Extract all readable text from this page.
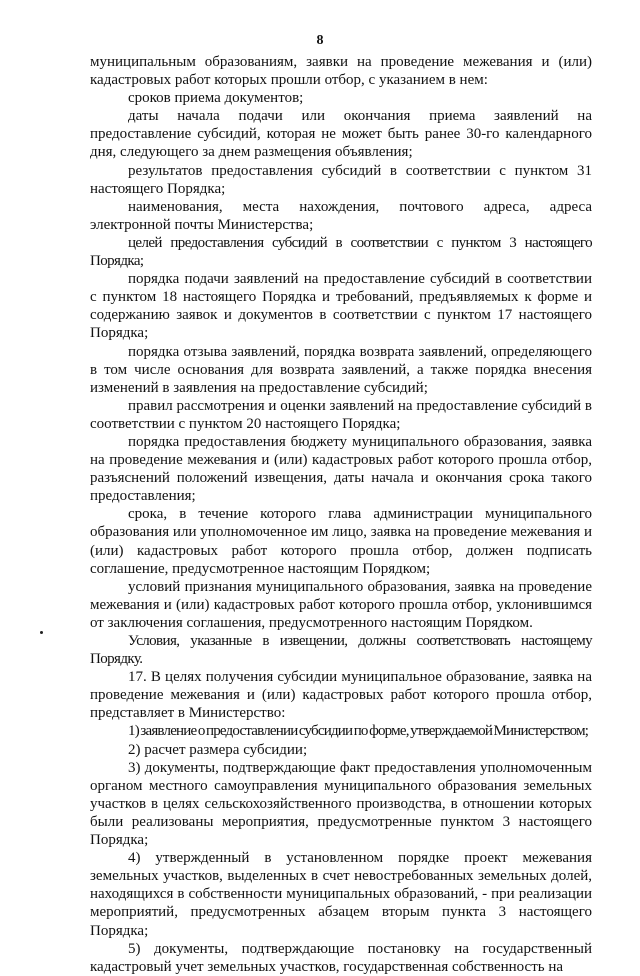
8

муниципальным образованиям, заявки на проведение межевания и (или) кадастровых работ которых прошли отбор, с указанием в нем:

сроков приема документов;

даты начала подачи или окончания приема заявлений на предоставление субсидий, которая не может быть ранее 30-го календарного дня, следующего за днем размещения объявления;

результатов предоставления субсидий в соответствии с пунктом 31 настоящего Порядка;

наименования, места нахождения, почтового адреса, адреса электронной почты Министерства;

целей предоставления субсидий в соответствии с пунктом 3 настоящего Порядка;

порядка подачи заявлений на предоставление субсидий в соответствии с пунктом 18 настоящего Порядка и требований, предъявляемых к форме и содержанию заявок и документов в соответствии с пунктом 17 настоящего Порядка;

порядка отзыва заявлений, порядка возврата заявлений, определяющего в том числе основания для возврата заявлений, а также порядка внесения изменений в заявления на предоставление субсидий;

правил рассмотрения и оценки заявлений на предоставление субсидий в соответствии с пунктом 20 настоящего Порядка;

порядка предоставления бюджету муниципального образования, заявка на проведение межевания и (или) кадастровых работ которого прошла отбор, разъяснений положений извещения, даты начала и окончания срока такого предоставления;

срока, в течение которого глава администрации муниципального образования или уполномоченное им лицо, заявка на проведение межевания и (или) кадастровых работ которого прошла отбор, должен подписать соглашение, предусмотренное настоящим Порядком;

условий признания муниципального образования, заявка на проведение межевания и (или) кадастровых работ которого прошла отбор, уклонившимся от заключения соглашения, предусмотренного настоящим Порядком.

Условия, указанные в извещении, должны соответствовать настоящему Порядку.

17. В целях получения субсидии муниципальное образование, заявка на проведение межевания и (или) кадастровых работ которого прошла отбор, представляет в Министерство:

1) заявление о предоставлении субсидии по форме, утверждаемой Министерством;

2) расчет размера субсидии;

3) документы, подтверждающие факт предоставления уполномоченным органом местного самоуправления муниципального образования земельных участков в целях сельскохозяйственного производства, в отношении которых были реализованы мероприятия, предусмотренные пунктом 3 настоящего Порядка;

4) утвержденный в установленном порядке проект межевания земельных участков, выделенных в счет невостребованных земельных долей, находящихся в собственности муниципальных образований, - при реализации мероприятий, предусмотренных абзацем вторым пункта 3 настоящего Порядка;

5) документы, подтверждающие постановку на государственный кадастровый учет земельных участков, государственная собственность на
